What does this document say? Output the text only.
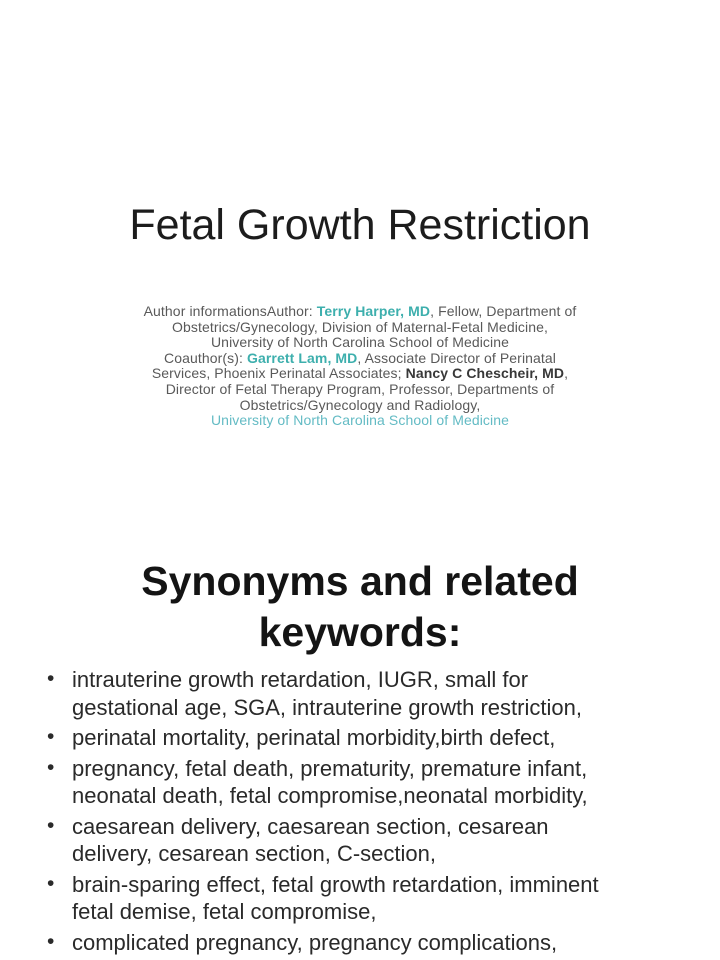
Fetal Growth Restriction
Author informationsAuthor: Terry Harper, MD, Fellow, Department of
Obstetrics/Gynecology, Division of Maternal-Fetal Medicine,
University of North Carolina School of Medicine
Coauthor(s): Garrett Lam, MD, Associate Director of Perinatal
Services, Phoenix Perinatal Associates; Nancy C Chescheir, MD,
Director of Fetal Therapy Program, Professor, Departments of
Obstetrics/Gynecology and Radiology,
University of North Carolina School of Medicine
Synonyms and related
keywords:
• intrauterine growth retardation, IUGR, small for gestational age, SGA, intrauterine growth restriction,
• perinatal mortality, perinatal morbidity,birth defect,
• pregnancy, fetal death, prematurity, premature infant, neonatal death, fetal compromise,neonatal morbidity,
• caesarean delivery, caesarean section, cesarean delivery, cesarean section, C-section,
• brain-sparing effect, fetal growth retardation, imminent fetal demise, fetal compromise,
• complicated pregnancy, pregnancy complications,
